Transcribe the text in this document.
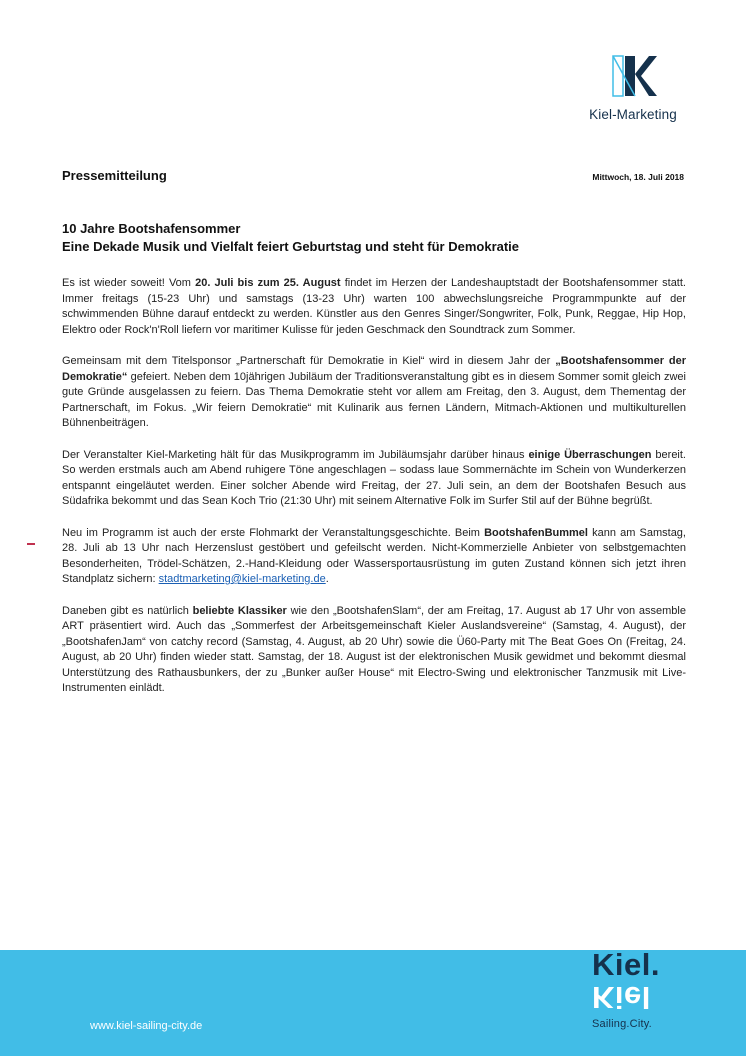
Kiel-Marketing
Pressemitteilung	Mittwoch, 18. Juli 2018
10 Jahre Bootshafensommer
Eine Dekade Musik und Vielfalt feiert Geburtstag und steht für Demokratie

Es ist wieder soweit! Vom 20. Juli bis zum 25. August findet im Herzen der Landeshauptstadt der Bootshafensommer statt. Immer freitags (15-23 Uhr) und samstags (13-23 Uhr) warten 100 abwechslungsreiche Programmpunkte auf der schwimmenden Bühne darauf entdeckt zu werden. Künstler aus den Genres Singer/Songwriter, Folk, Punk, Reggae, Hip Hop, Elektro oder Rock'n'Roll liefern vor maritimer Kulisse für jeden Geschmack den Soundtrack zum Sommer.

Gemeinsam mit dem Titelsponsor „Partnerschaft für Demokratie in Kiel“ wird in diesem Jahr der „Bootshafensommer der Demokratie“ gefeiert. Neben dem 10jährigen Jubiläum der Traditionsveranstaltung gibt es in diesem Sommer somit gleich zwei gute Gründe ausgelassen zu feiern. Das Thema Demokratie steht vor allem am Freitag, den 3. August, dem Thementag der Partnerschaft, im Fokus. „Wir feiern Demokratie“ mit Kulinarik aus fernen Ländern, Mitmach-Aktionen und multikulturellen Bühnenbeiträgen.

Der Veranstalter Kiel-Marketing hält für das Musikprogramm im Jubiläumsjahr darüber hinaus einige Überraschungen bereit. So werden erstmals auch am Abend ruhigere Töne angeschlagen – sodass laue Sommernächte im Schein von Wunderkerzen entspannt eingeläutet werden. Einer solcher Abende wird Freitag, der 27. Juli sein, an dem der Bootshafen Besuch aus Südafrika bekommt und das Sean Koch Trio (21:30 Uhr) mit seinem Alternative Folk im Surfer Stil auf der Bühne begrüßt.

Neu im Programm ist auch der erste Flohmarkt der Veranstaltungsgeschichte. Beim BootshafenBummel kann am Samstag, 28. Juli ab 13 Uhr nach Herzenslust gestöbert und gefeilscht werden. Nicht-Kommerzielle Anbieter von selbstgemachten Besonderheiten, Trödel-Schätzen, 2.-Hand-Kleidung oder Wassersportausrüstung im guten Zustand können sich jetzt ihren Standplatz sichern: stadtmarketing@kiel-marketing.de.

Daneben gibt es natürlich beliebte Klassiker wie den „BootshafenSlam“, der am Freitag, 17. August ab 17 Uhr von assemble ART präsentiert wird. Auch das „Sommerfest der Arbeitsgemeinschaft Kieler Auslandsvereine“ (Samstag, 4. August), der „BootshafenJam“ von catchy record (Samstag, 4. August, ab 20 Uhr) sowie die Ü60-Party mit The Beat Goes On (Freitag, 24. August, ab 20 Uhr) finden wieder statt. Samstag, der 18. August ist der elektronischen Musik gewidmet und bekommt diesmal Unterstützung des Rathausbunkers, der zu „Bunker außer House“ mit Electro-Swing und elektronischer Tanzmusik mit Live-Instrumenten einlädt.

www.kiel-sailing-city.de
Kiel.
Kiel
Sailing.City.
